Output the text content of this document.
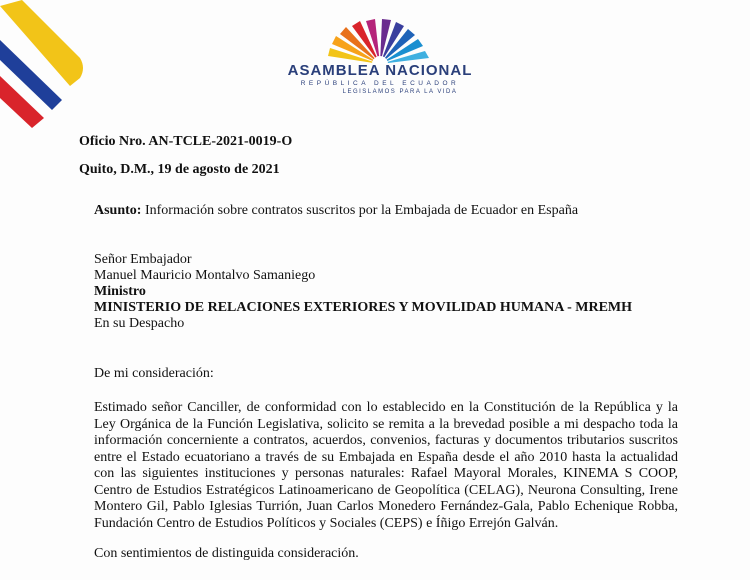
ASAMBLEA NACIONAL
REPÚBLICA DEL ECUADOR
LEGISLAMOS PARA LA VIDA
Oficio Nro. AN-TCLE-2021-0019-O
Quito, D.M., 19 de agosto de 2021
Asunto: Información sobre contratos suscritos por la Embajada de Ecuador en España
Señor Embajador
Manuel Mauricio Montalvo Samaniego
Ministro
MINISTERIO DE RELACIONES EXTERIORES Y MOVILIDAD HUMANA - MREMH
En su Despacho
De mi consideración:
Estimado señor Canciller, de conformidad con lo establecido en la Constitución de la República y la Ley Orgánica de la Función Legislativa, solicito se remita a la brevedad posible a mi despacho toda la información concerniente a contratos, acuerdos, convenios, facturas y documentos tributarios suscritos entre el Estado ecuatoriano a través de su Embajada en España desde el año 2010 hasta la actualidad con las siguientes instituciones y personas naturales: Rafael Mayoral Morales, KINEMA S COOP, Centro de Estudios Estratégicos Latinoamericano de Geopolítica (CELAG), Neurona Consulting, Irene Montero Gil, Pablo Iglesias Turrión, Juan Carlos Monedero Fernández-Gala, Pablo Echenique Robba, Fundación Centro de Estudios Políticos y Sociales (CEPS) e Íñigo Errejón Galván.
Con sentimientos de distinguida consideración.
